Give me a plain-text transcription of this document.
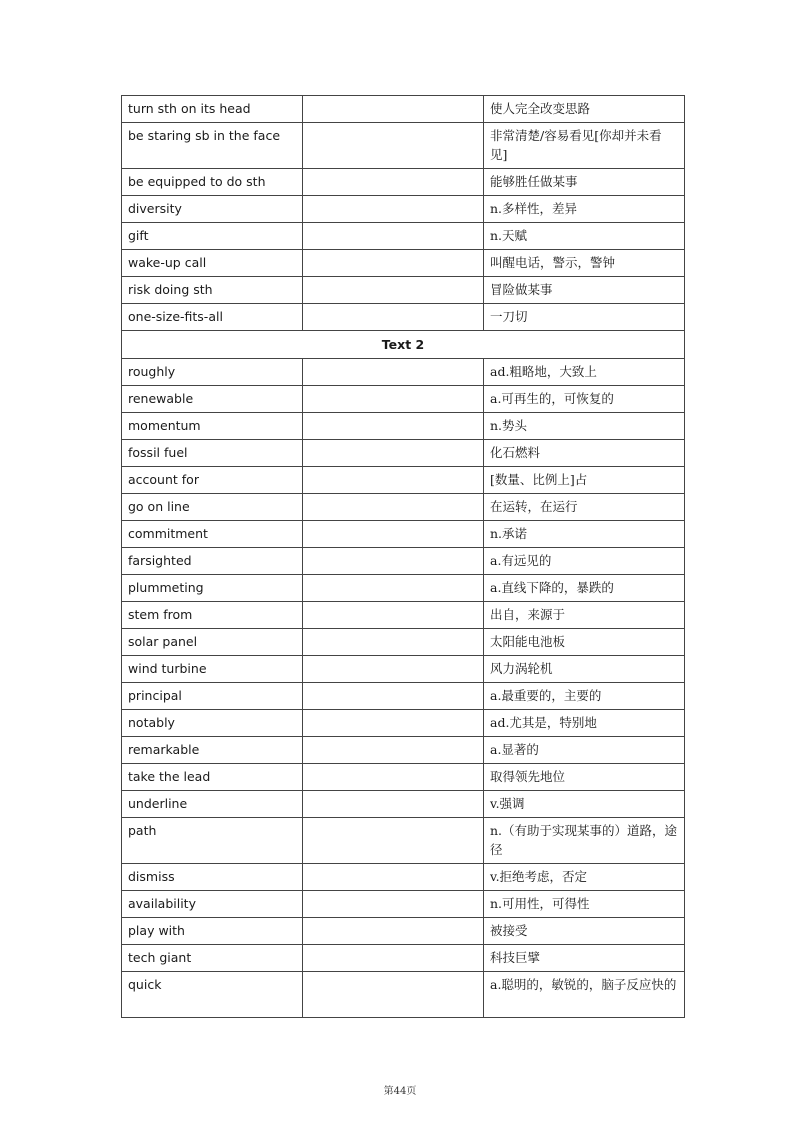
turn sth on its head		使人完全改变思路
be staring sb in the face		非常清楚/容易看见[你却并未看见]
be equipped to do sth		能够胜任做某事
diversity		n.多样性，差异
gift		n.天赋
wake-up call		叫醒电话，警示，警钟
risk doing sth		冒险做某事
one-size-fits-all		一刀切
Text 2		
roughly		ad.粗略地，大致上
renewable		a.可再生的，可恢复的
momentum		n.势头
fossil fuel		化石燃料
account for		[数量、比例上]占
go on line		在运转，在运行
commitment		n.承诺
farsighted		a.有远见的
plummeting		a.直线下降的，暴跌的
stem from		出自，来源于
solar panel		太阳能电池板
wind turbine		风力涡轮机
principal		a.最重要的，主要的
notably		ad.尤其是，特别地
remarkable		a.显著的
take the lead		取得领先地位
underline		v.强调
path		n.（有助于实现某事的）道路，途径
dismiss		v.拒绝考虑，否定
availability		n.可用性，可得性
play with		被接受
tech giant		科技巨擘
quick		a.聪明的，敏锐的，脑子反应快的
第44页
